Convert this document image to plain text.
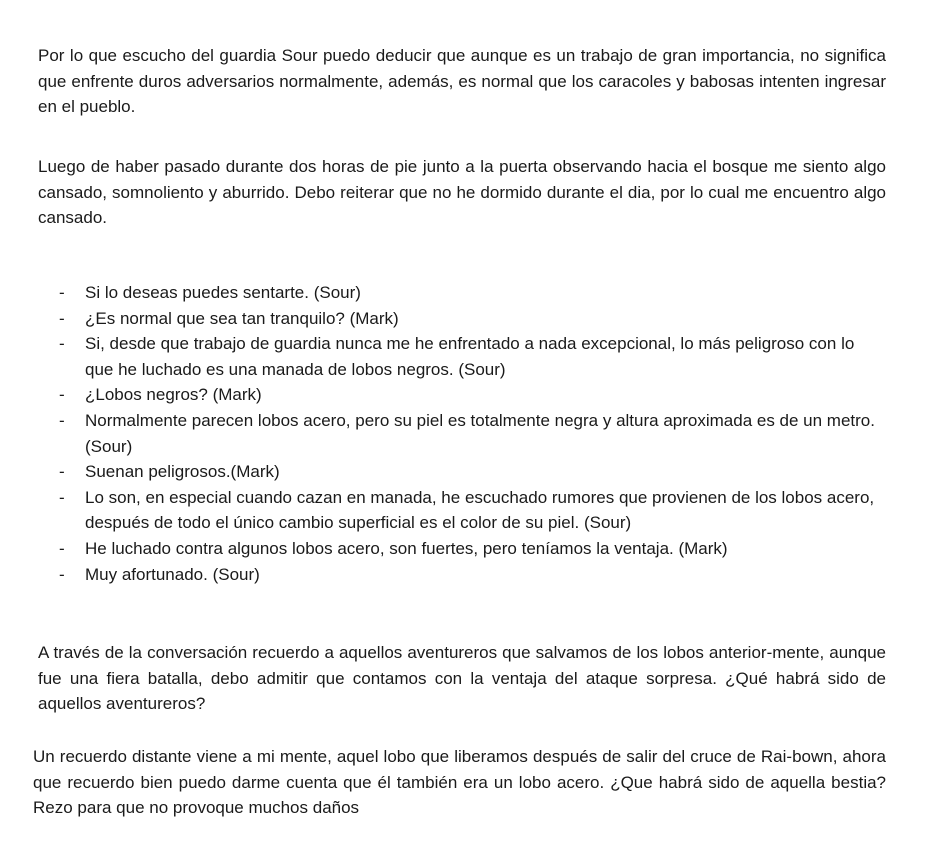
Por lo que escucho del guardia Sour puedo deducir que aunque es un trabajo de gran importancia, no significa que enfrente duros adversarios normalmente, además, es normal que los caracoles y babosas intenten ingresar en el pueblo.

Luego de haber pasado durante dos horas de pie junto a la puerta observando hacia el bosque me siento algo cansado, somnoliento y aburrido. Debo reiterar que no he dormido durante el dia, por lo cual me encuentro algo cansado.

- Si lo deseas puedes sentarte. (Sour)
- ¿Es normal que sea tan tranquilo? (Mark)
- Si, desde que trabajo de guardia nunca me he enfrentado a nada excepcional, lo más peligroso con lo que he luchado es una manada de lobos negros. (Sour)
- ¿Lobos negros? (Mark)
- Normalmente parecen lobos acero, pero su piel es totalmente negra y altura aproximada es de un metro. (Sour)
- Suenan peligrosos.(Mark)
- Lo son, en especial cuando cazan en manada, he escuchado rumores que provienen de los lobos acero, después de todo el único cambio superficial es el color de su piel. (Sour)
- He luchado contra algunos lobos acero, son fuertes, pero teníamos la ventaja. (Mark)
- Muy afortunado. (Sour)

A través de la conversación recuerdo a aquellos aventureros que salvamos de los lobos anterior-mente, aunque fue una fiera batalla, debo admitir que contamos con la ventaja del ataque sorpresa. ¿Qué habrá sido de aquellos aventureros?

Un recuerdo distante viene a mi mente, aquel lobo que liberamos después de salir del cruce de Rai-bown, ahora que recuerdo bien puedo darme cuenta que él también era un lobo acero. ¿Que habrá sido de aquella bestia? Rezo para que no provoque muchos daños
